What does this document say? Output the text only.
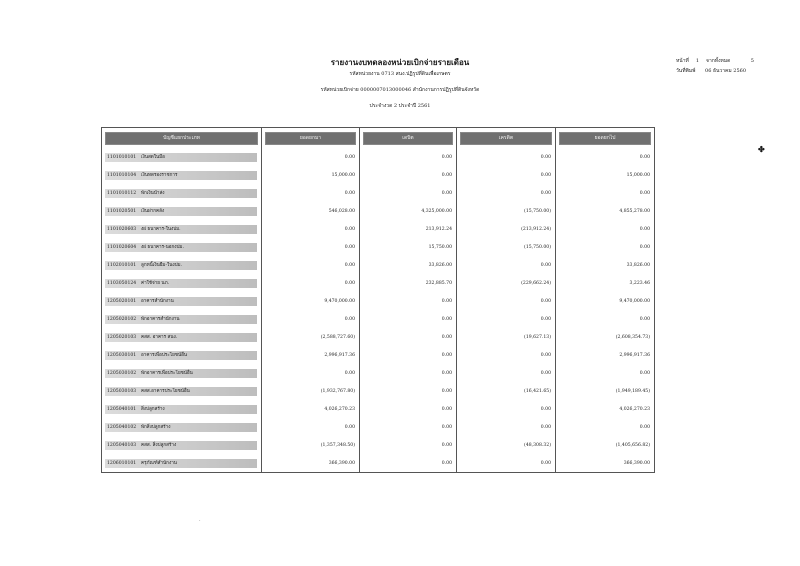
รายงานงบทดลองหน่วยเบิกจ่ายรายเดือน
รหัสหน่วยงาน 0713 สนง.ปฏิรูปที่ดินเพื่อเกษตร
รหัสหน่วยเบิกจ่าย 0000007013000046 สำนักงานการปฏิรูปที่ดินจังหวัด
ประจำงวด 2 ประจำปี 2561
หน้าที่ 1 จากทั้งหมด	5
วันที่พิมพ์ 06 ธันวาคม 2560
✤
·
บัญชีแยกประเภท	ยอดยกมา	เดบิต	เครดิต	ยอดยกไป

1101010101 เงินสดในมือ	0.00	0.00	0.00	0.00
1101010104 เงินทดรองราชการ	15,000.00	0.00	0.00	15,000.00
1101010112 พักเงินนำส่ง	0.00	0.00	0.00	0.00
1101020501 เงินฝากคลัง	546,028.00	4,325,000.00	(15,750.00)	4,855,278.00
1101020603 งฝ ธนาคาร-ในงปม.	0.00	213,912.24	(213,912.24)	0.00
1101020604 งฝ ธนาคาร-นอกงปม.	0.00	15,750.00	(15,750.00)	0.00
1102010101 ลูกหนี้เงินยืม-ในงปม.	0.00	33,826.00	0.00	33,826.00
1103050124 ค่าใช้จ่าย นภ.	0.00	232,885.70	(229,662.24)	3,223.46
1205020101 อาคารสำนักงาน	9,470,000.00	0.00	0.00	9,470,000.00
1205020102 พักอาคารสำนักงาน	0.00	0.00	0.00	0.00
1205020103 คสส. อาคาร สนง.	(2,588,727.60)	0.00	(19,627.13)	(2,608,354.73)
1205030101 อาคารเพื่อประโยชน์อื่น	2,996,917.36	0.00	0.00	2,996,917.36
1205030102 พักอาคารเพื่อประโยชน์อื่น	0.00	0.00	0.00	0.00
1205030103 คสส.อาคารประโยชน์อื่น	(1,932,767.80)	0.00	(16,421.65)	(1,949,189.45)
1205040101 สิ่งปลูกสร้าง	4,026,270.23	0.00	0.00	4,026,270.23
1205040102 พักสิ่งปลูกสร้าง	0.00	0.00	0.00	0.00
1205040103 คสส. สิ่งปลูกสร้าง	(1,357,348.50)	0.00	(48,308.32)	(1,405,656.82)
1206010101 ครุภัณฑ์สำนักงาน	366,390.00	0.00	0.00	366,390.00
